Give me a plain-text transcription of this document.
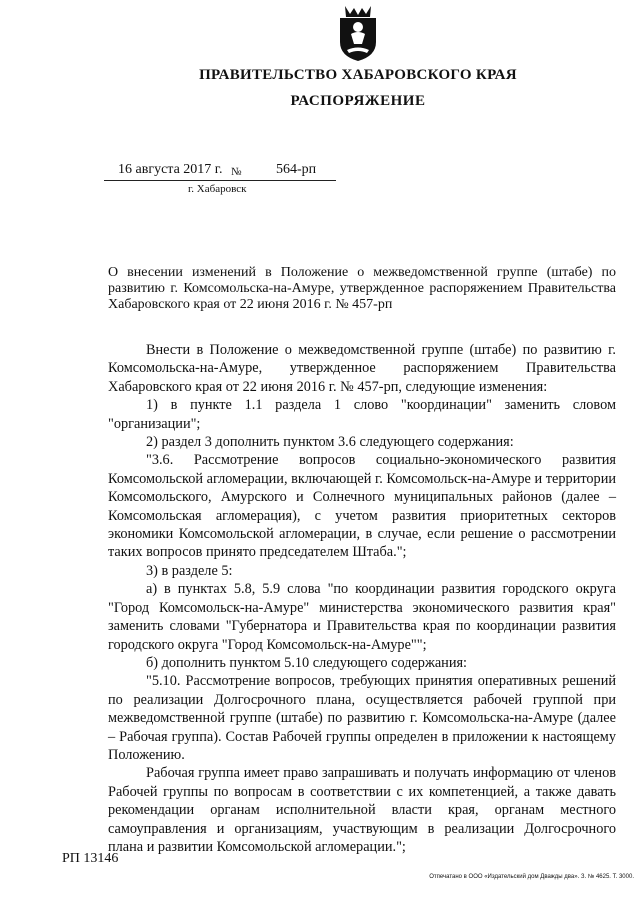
ПРАВИТЕЛЬСТВО ХАБАРОВСКОГО КРАЯ
РАСПОРЯЖЕНИЕ
16 августа 2017 г. № 564-рп
г. Хабаровск
О внесении изменений в Положение о межведомственной группе (штабе) по развитию г. Комсомольска-на-Амуре, утвержденное распоряжением Правительства Хабаровского края от 22 июня 2016 г. № 457-рп

Внести в Положение о межведомственной группе (штабе) по развитию г. Комсомольска-на-Амуре, утвержденное распоряжением Правительства Хабаровского края от 22 июня 2016 г. № 457-рп, следующие изменения:

1) в пункте 1.1 раздела 1 слово "координации" заменить словом "организации";

2) раздел 3 дополнить пунктом 3.6 следующего содержания:

"3.6. Рассмотрение вопросов социально-экономического развития Комсомольской агломерации, включающей г. Комсомольск-на-Амуре и территории Комсомольского, Амурского и Солнечного муниципальных районов (далее – Комсомольская агломерация), с учетом развития приоритетных секторов экономики Комсомольской агломерации, в случае, если решение о рассмотрении таких вопросов принято председателем Штаба.";

3) в разделе 5:

а) в пунктах 5.8, 5.9 слова "по координации развития городского округа "Город Комсомольск-на-Амуре" министерства экономического развития края" заменить словами "Губернатора и Правительства края по координации развития городского округа "Город Комсомольск-на-Амуре"";

б) дополнить пунктом 5.10 следующего содержания:

"5.10. Рассмотрение вопросов, требующих принятия оперативных решений по реализации Долгосрочного плана, осуществляется рабочей группой при межведомственной группе (штабе) по развитию г. Комсомольска-на-Амуре (далее – Рабочая группа). Состав Рабочей группы определен в приложении к настоящему Положению.

Рабочая группа имеет право запрашивать и получать информацию от членов Рабочей группы по вопросам в соответствии с их компетенцией, а также давать рекомендации органам исполнительной власти края, органам местного самоуправления и организациям, участвующим в реализации Долгосрочного плана и развитии Комсомольской агломерации.";

РП 13146
Отпечатано в ООО «Издательский дом Дважды два». З. № 4625. Т. 3000.
